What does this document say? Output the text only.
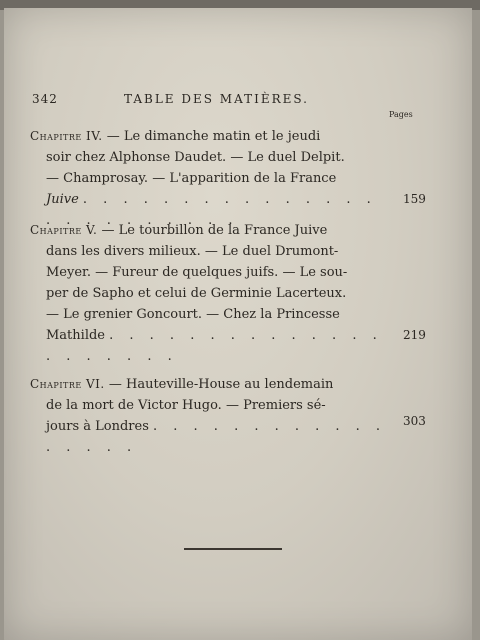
342	TABLE DES MATIÈRES.
Pages
Chapitre IV. — Le dimanche matin et le jeudi
soir chez Alphonse Daudet. — Le duel Delpit.
— Champrosay. — L'apparition de la France
Juive . . . . . . . . . . . . . . . . . . . . . . . . .
159
Chapitre V. — Le tourbillon de la France Juive
dans les divers milieux. — Le duel Drumont-
Meyer. — Fureur de quelques juifs. — Le sou-
per de Sapho et celui de Germinie Lacerteux.
— Le grenier Goncourt. — Chez la Princesse
Mathilde . . . . . . . . . . . . . . . . . . . . .
219
Chapitre VI. — Hauteville-House au lendemain
de la mort de Victor Hugo. — Premiers sé-
jours à Londres . . . . . . . . . . . . . . . . .
303
